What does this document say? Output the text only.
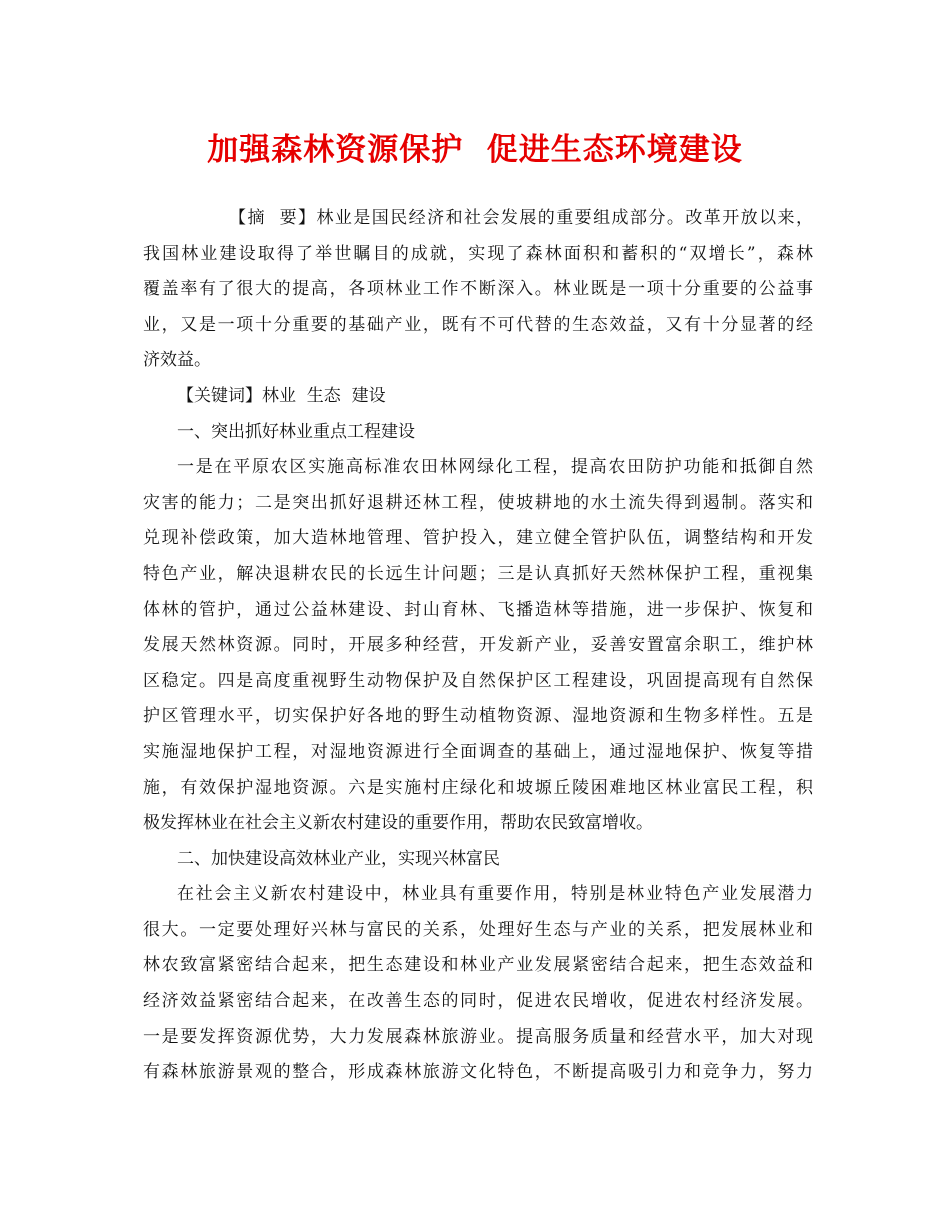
加强森林资源保护  促进生态环境建设
【摘  要】林业是国民经济和社会发展的重要组成部分。改革开放以来，
我国林业建设取得了举世瞩目的成就，实现了森林面积和蓄积的“双增长”，森林
覆盖率有了很大的提高，各项林业工作不断深入。林业既是一项十分重要的公益事
业，又是一项十分重要的基础产业，既有不可代替的生态效益，又有十分显著的经
济效益。
【关键词】林业  生态  建设
一、突出抓好林业重点工程建设
一是在平原农区实施高标准农田林网绿化工程，提高农田防护功能和抵御自然
灾害的能力；二是突出抓好退耕还林工程，使坡耕地的水土流失得到遏制。落实和
兑现补偿政策，加大造林地管理、管护投入，建立健全管护队伍，调整结构和开发
特色产业，解决退耕农民的长远生计问题；三是认真抓好天然林保护工程，重视集
体林的管护，通过公益林建设、封山育林、飞播造林等措施，进一步保护、恢复和
发展天然林资源。同时，开展多种经营，开发新产业，妥善安置富余职工，维护林
区稳定。四是高度重视野生动物保护及自然保护区工程建设，巩固提高现有自然保
护区管理水平，切实保护好各地的野生动植物资源、湿地资源和生物多样性。五是
实施湿地保护工程，对湿地资源进行全面调查的基础上，通过湿地保护、恢复等措
施，有效保护湿地资源。六是实施村庄绿化和坡塬丘陵困难地区林业富民工程，积
极发挥林业在社会主义新农村建设的重要作用，帮助农民致富增收。
二、加快建设高效林业产业，实现兴林富民
在社会主义新农村建设中，林业具有重要作用，特别是林业特色产业发展潜力
很大。一定要处理好兴林与富民的关系，处理好生态与产业的关系，把发展林业和
林农致富紧密结合起来，把生态建设和林业产业发展紧密结合起来，把生态效益和
经济效益紧密结合起来，在改善生态的同时，促进农民增收，促进农村经济发展。
一是要发挥资源优势，大力发展森林旅游业。提高服务质量和经营水平，加大对现
有森林旅游景观的整合，形成森林旅游文化特色，不断提高吸引力和竞争力，努力
